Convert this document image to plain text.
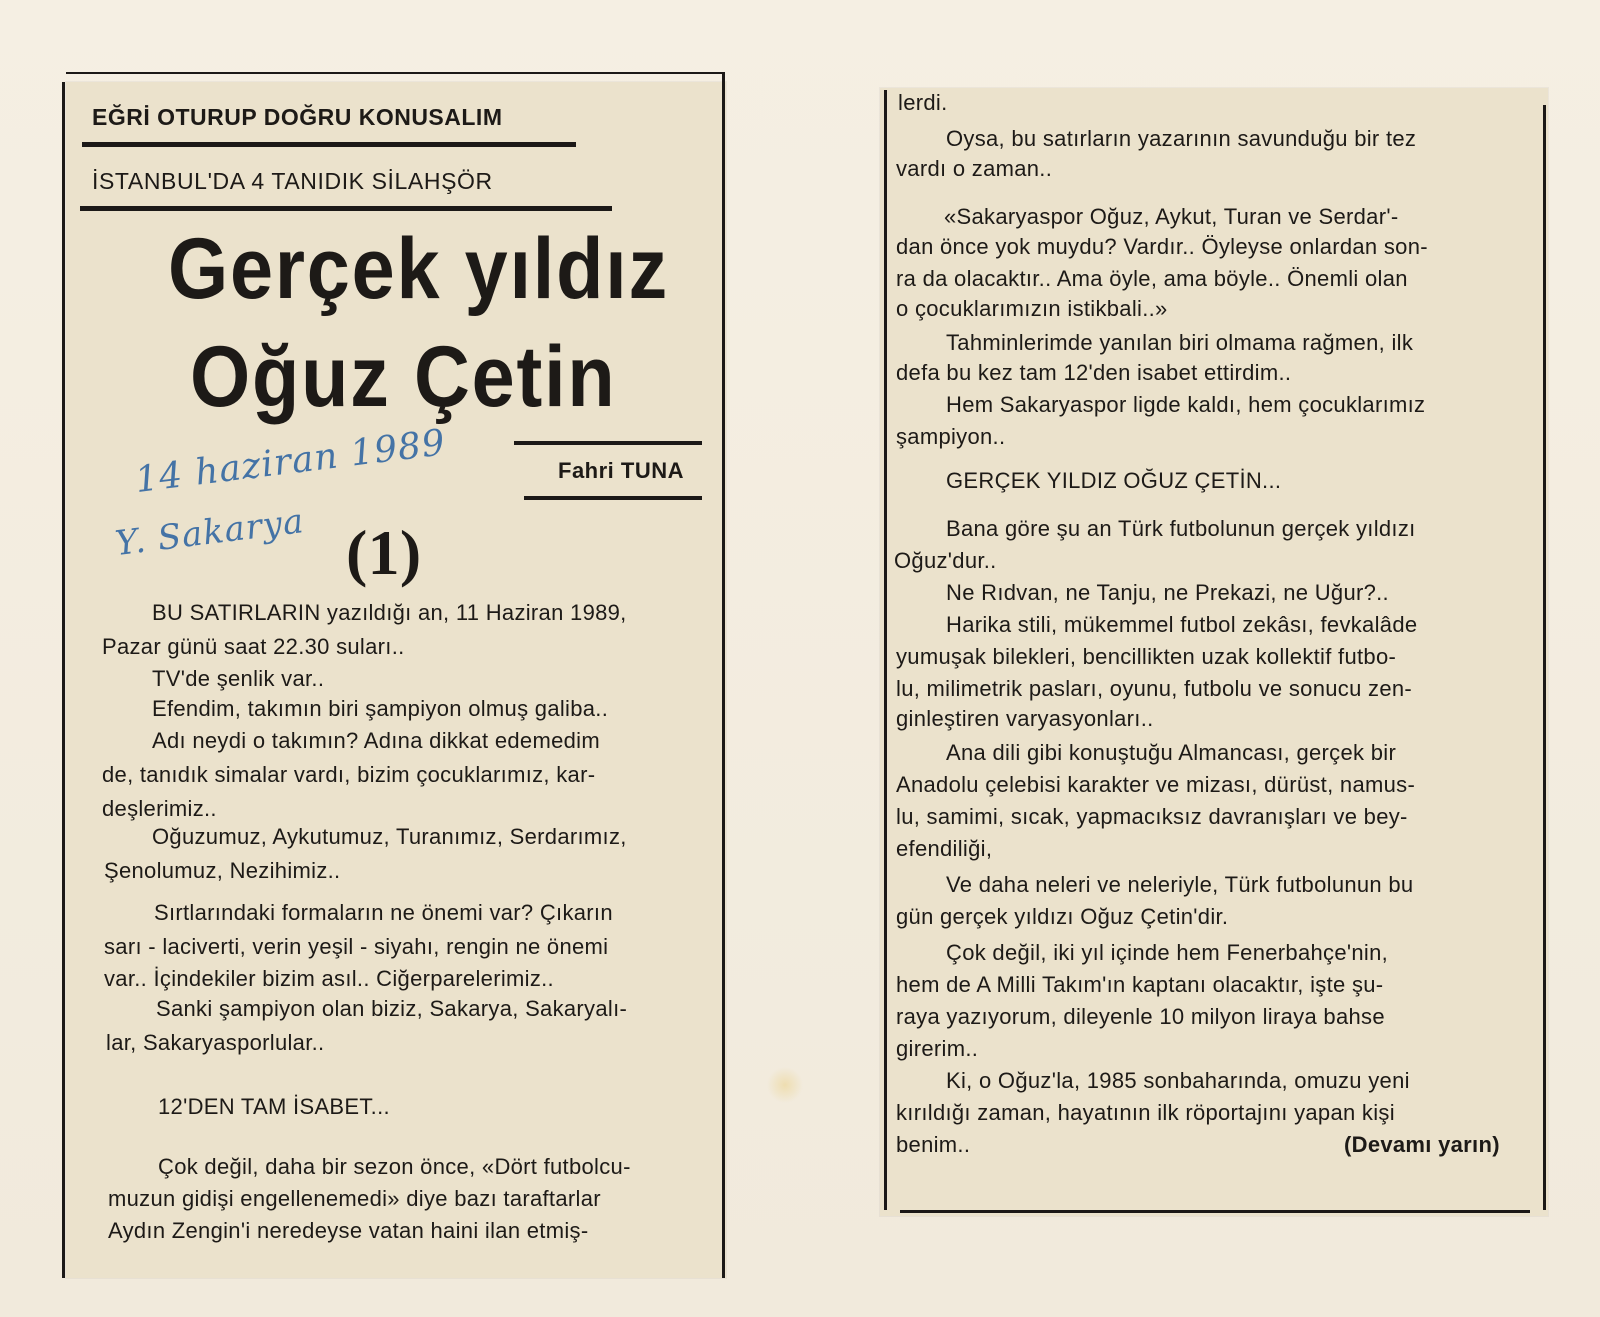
EĞRİ OTURUP DOĞRU KONUSALIM
İSTANBUL'DA 4 TANIDIK SİLAHŞÖR
Gerçek yıldız
Oğuz Çetin
Fahri TUNA
14 haziran 1989
Y. Sakarya (1)
BU SATIRLARIN yazıldığı an, 11 Haziran 1989,
Pazar günü saat 22.30 suları..
TV'de şenlik var..
Efendim, takımın biri şampiyon olmuş galiba..
Adı neydi o takımın? Adına dikkat edemedim
de, tanıdık simalar vardı, bizim çocuklarımız, kar-
deşlerimiz..
Oğuzumuz, Aykutumuz, Turanımız, Serdarımız,
Şenolumuz, Nezihimiz..
Sırtlarındaki formaların ne önemi var? Çıkarın
sarı - laciverti, verin yeşil - siyahı, rengin ne önemi
var.. İçindekiler bizim asıl.. Ciğerparelerimiz..
Sanki şampiyon olan biziz, Sakarya, Sakaryalı-
lar, Sakaryasporlular..
12'DEN TAM İSABET...
Çok değil, daha bir sezon önce, «Dört futbolcu-
muzun gidişi engellenemedi» diye bazı taraftarlar
Aydın Zengin'i neredeyse vatan haini ilan etmiş-
lerdi.
Oysa, bu satırların yazarının savunduğu bir tez
vardı o zaman..
«Sakaryaspor Oğuz, Aykut, Turan ve Serdar'-
dan önce yok muydu? Vardır.. Öyleyse onlardan son-
ra da olacaktır.. Ama öyle, ama böyle.. Önemli olan
o çocuklarımızın istikbali..»
Tahminlerimde yanılan biri olmama rağmen, ilk
defa bu kez tam 12'den isabet ettirdim..
Hem Sakaryaspor ligde kaldı, hem çocuklarımız
şampiyon..
GERÇEK YILDIZ OĞUZ ÇETİN...
Bana göre şu an Türk futbolunun gerçek yıldızı
Oğuz'dur..
Ne Rıdvan, ne Tanju, ne Prekazi, ne Uğur?..
Harika stili, mükemmel futbol zekâsı, fevkalâde
yumuşak bilekleri, bencillikten uzak kollektif futbo-
lu, milimetrik pasları, oyunu, futbolu ve sonucu zen-
ginleştiren varyasyonları..
Ana dili gibi konuştuğu Almancası, gerçek bir
Anadolu çelebisi karakter ve mizası, dürüst, namus-
lu, samimi, sıcak, yapmacıksız davranışları ve bey-
efendiliği,
Ve daha neleri ve neleriyle, Türk futbolunun bu
gün gerçek yıldızı Oğuz Çetin'dir.
Çok değil, iki yıl içinde hem Fenerbahçe'nin,
hem de A Milli Takım'ın kaptanı olacaktır, işte şu-
raya yazıyorum, dileyenle 10 milyon liraya bahse
girerim..
Ki, o Oğuz'la, 1985 sonbaharında, omuzu yeni
kırıldığı zaman, hayatının ilk röportajını yapan kişi
benim..	(Devamı yarın)
